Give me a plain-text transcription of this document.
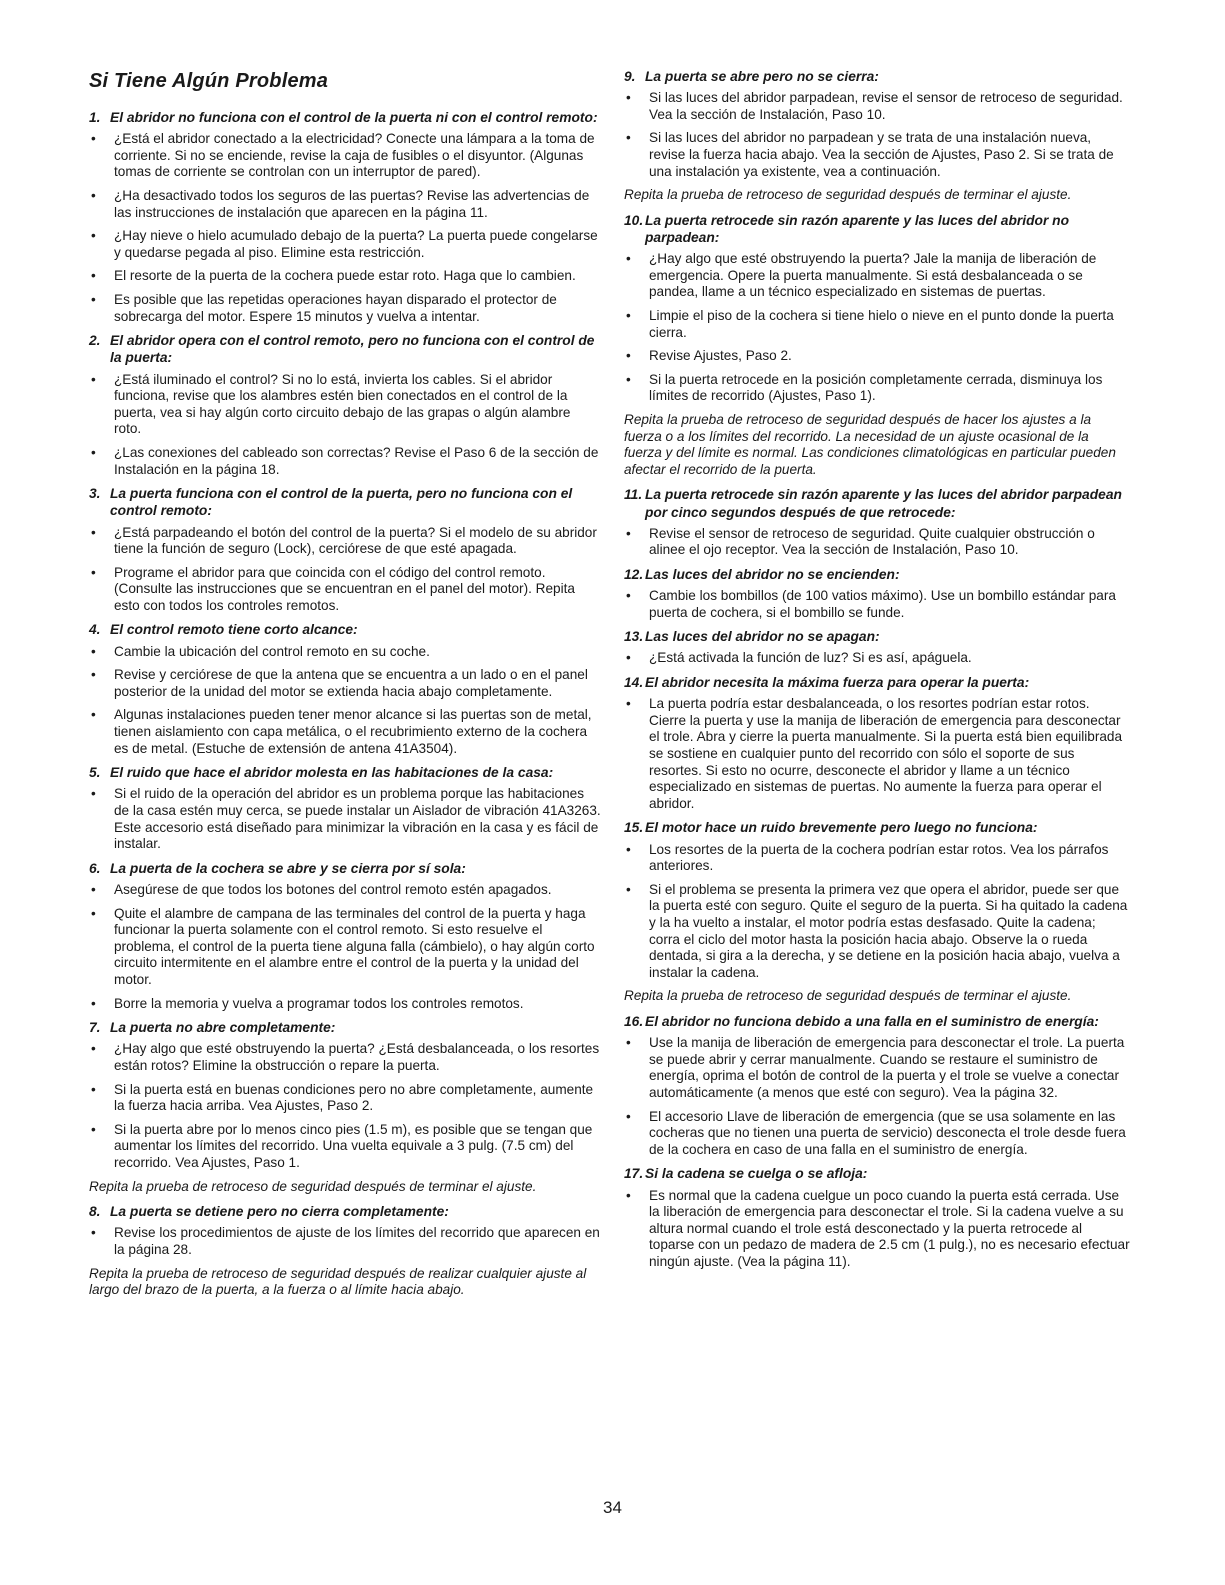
Si Tiene Algún Problema
1. El abridor no funciona con el control de la puerta ni con el control remoto:
• ¿Está el abridor conectado a la electricidad? Conecte una lámpara a la toma de corriente. Si no se enciende, revise la caja de fusibles o el disyuntor. (Algunas tomas de corriente se controlan con un interruptor de pared).
• ¿Ha desactivado todos los seguros de las puertas? Revise las advertencias de las instrucciones de instalación que aparecen en la página 11.
• ¿Hay nieve o hielo acumulado debajo de la puerta? La puerta puede congelarse y quedarse pegada al piso. Elimine esta restricción.
• El resorte de la puerta de la cochera puede estar roto. Haga que lo cambien.
• Es posible que las repetidas operaciones hayan disparado el protector de sobrecarga del motor. Espere 15 minutos y vuelva a intentar.
2. El abridor opera con el control remoto, pero no funciona con el control de la puerta:
• ¿Está iluminado el control? Si no lo está, invierta los cables. Si el abridor funciona, revise que los alambres estén bien conectados en el control de la puerta, vea si hay algún corto circuito debajo de las grapas o algún alambre roto.
• ¿Las conexiones del cableado son correctas? Revise el Paso 6 de la sección de Instalación en la página 18.
3. La puerta funciona con el control de la puerta, pero no funciona con el control remoto:
• ¿Está parpadeando el botón del control de la puerta? Si el modelo de su abridor tiene la función de seguro (Lock), cerciórese de que esté apagada.
• Programe el abridor para que coincida con el código del control remoto. (Consulte las instrucciones que se encuentran en el panel del motor). Repita esto con todos los controles remotos.
4. El control remoto tiene corto alcance:
• Cambie la ubicación del control remoto en su coche.
• Revise y cerciórese de que la antena que se encuentra a un lado o en el panel posterior de la unidad del motor se extienda hacia abajo completamente.
• Algunas instalaciones pueden tener menor alcance si las puertas son de metal, tienen aislamiento con capa metálica, o el recubrimiento externo de la cochera es de metal. (Estuche de extensión de antena 41A3504).
5. El ruido que hace el abridor molesta en las habitaciones de la casa:
• Si el ruido de la operación del abridor es un problema porque las habitaciones de la casa estén muy cerca, se puede instalar un Aislador de vibración 41A3263. Este accesorio está diseñado para minimizar la vibración en la casa y es fácil de instalar.
6. La puerta de la cochera se abre y se cierra por sí sola:
• Asegúrese de que todos los botones del control remoto estén apagados.
• Quite el alambre de campana de las terminales del control de la puerta y haga funcionar la puerta solamente con el control remoto. Si esto resuelve el problema, el control de la puerta tiene alguna falla (cámbielo), o hay algún corto circuito intermitente en el alambre entre el control de la puerta y la unidad del motor.
• Borre la memoria y vuelva a programar todos los controles remotos.
7. La puerta no abre completamente:
• ¿Hay algo que esté obstruyendo la puerta? ¿Está desbalanceada, o los resortes están rotos? Elimine la obstrucción o repare la puerta.
• Si la puerta está en buenas condiciones pero no abre completamente, aumente la fuerza hacia arriba. Vea Ajustes, Paso 2.
• Si la puerta abre por lo menos cinco pies (1.5 m), es posible que se tengan que aumentar los límites del recorrido. Una vuelta equivale a 3 pulg. (7.5 cm) del recorrido. Vea Ajustes, Paso 1.

Repita la prueba de retroceso de seguridad después de terminar el ajuste.

8. La puerta se detiene pero no cierra completamente:
• Revise los procedimientos de ajuste de los límites del recorrido que aparecen en la página 28.

Repita la prueba de retroceso de seguridad después de realizar cualquier ajuste al largo del brazo de la puerta, a la fuerza o al límite hacia abajo.

9. La puerta se abre pero no se cierra:
• Si las luces del abridor parpadean, revise el sensor de retroceso de seguridad. Vea la sección de Instalación, Paso 10.
• Si las luces del abridor no parpadean y se trata de una instalación nueva, revise la fuerza hacia abajo. Vea la sección de Ajustes, Paso 2. Si se trata de una instalación ya existente, vea a continuación.

Repita la prueba de retroceso de seguridad después de terminar el ajuste.

10. La puerta retrocede sin razón aparente y las luces del abridor no parpadean:
• ¿Hay algo que esté obstruyendo la puerta? Jale la manija de liberación de emergencia. Opere la puerta manualmente. Si está desbalanceada o se pandea, llame a un técnico especializado en sistemas de puertas.
• Limpie el piso de la cochera si tiene hielo o nieve en el punto donde la puerta cierra.
• Revise Ajustes, Paso 2.
• Si la puerta retrocede en la posición completamente cerrada, disminuya los límites de recorrido (Ajustes, Paso 1).

Repita la prueba de retroceso de seguridad después de hacer los ajustes a la fuerza o a los límites del recorrido. La necesidad de un ajuste ocasional de la fuerza y del límite es normal. Las condiciones climatológicas en particular pueden afectar el recorrido de la puerta.

11. La puerta retrocede sin razón aparente y las luces del abridor parpadean por cinco segundos después de que retrocede:
• Revise el sensor de retroceso de seguridad. Quite cualquier obstrucción o alinee el ojo receptor. Vea la sección de Instalación, Paso 10.
12. Las luces del abridor no se encienden:
• Cambie los bombillos (de 100 vatios máximo). Use un bombillo estándar para puerta de cochera, si el bombillo se funde.
13. Las luces del abridor no se apagan:
• ¿Está activada la función de luz? Si es así, apáguela.
14. El abridor necesita la máxima fuerza para operar la puerta:
• La puerta podría estar desbalanceada, o los resortes podrían estar rotos. Cierre la puerta y use la manija de liberación de emergencia para desconectar el trole. Abra y cierre la puerta manualmente. Si la puerta está bien equilibrada se sostiene en cualquier punto del recorrido con sólo el soporte de sus resortes. Si esto no ocurre, desconecte el abridor y llame a un técnico especializado en sistemas de puertas. No aumente la fuerza para operar el abridor.
15. El motor hace un ruido brevemente pero luego no funciona:
• Los resortes de la puerta de la cochera podrían estar rotos. Vea los párrafos anteriores.
• Si el problema se presenta la primera vez que opera el abridor, puede ser que la puerta esté con seguro. Quite el seguro de la puerta. Si ha quitado la cadena y la ha vuelto a instalar, el motor podría estas desfasado. Quite la cadena; corra el ciclo del motor hasta la posición hacia abajo. Observe la o rueda dentada, si gira a la derecha, y se detiene en la posición hacia abajo, vuelva a instalar la cadena.

Repita la prueba de retroceso de seguridad después de terminar el ajuste.

16. El abridor no funciona debido a una falla en el suministro de energía:
• Use la manija de liberación de emergencia para desconectar el trole. La puerta se puede abrir y cerrar manualmente. Cuando se restaure el suministro de energía, oprima el botón de control de la puerta y el trole se vuelve a conectar automáticamente (a menos que esté con seguro). Vea la página 32.
• El accesorio Llave de liberación de emergencia (que se usa solamente en las cocheras que no tienen una puerta de servicio) desconecta el trole desde fuera de la cochera en caso de una falla en el suministro de energía.
17. Si la cadena se cuelga o se afloja:
• Es normal que la cadena cuelgue un poco cuando la puerta está cerrada. Use la liberación de emergencia para desconectar el trole. Si la cadena vuelve a su altura normal cuando el trole está desconectado y la puerta retrocede al toparse con un pedazo de madera de 2.5 cm (1 pulg.), no es necesario efectuar ningún ajuste. (Vea la página 11).
34
